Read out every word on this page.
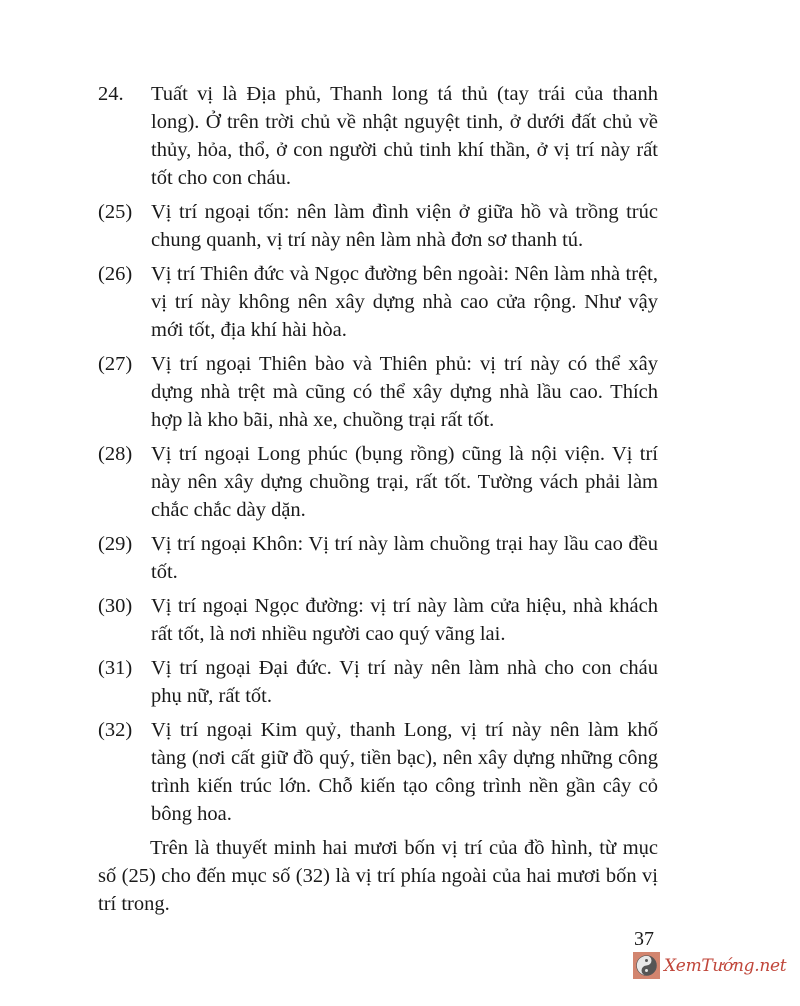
24. Tuất vị là Địa phủ, Thanh long tá thủ (tay trái của thanh long). Ở trên trời chủ về nhật nguyệt tinh, ở dưới đất chủ về thủy, hỏa, thổ, ở con người chủ tinh khí thần, ở vị trí này rất tốt cho con cháu.
(25) Vị trí ngoại tốn: nên làm đình viện ở giữa hồ và trồng trúc chung quanh, vị trí này nên làm nhà đơn sơ thanh tú.
(26) Vị trí Thiên đức và Ngọc đường bên ngoài: Nên làm nhà trệt, vị trí này không nên xây dựng nhà cao cửa rộng. Như vậy mới tốt, địa khí hài hòa.
(27) Vị trí ngoại Thiên bào và Thiên phủ: vị trí này có thể xây dựng nhà trệt mà cũng có thể xây dựng nhà lầu cao. Thích hợp là kho bãi, nhà xe, chuồng trại rất tốt.
(28) Vị trí ngoại Long phúc (bụng rồng) cũng là nội viện. Vị trí này nên xây dựng chuồng trại, rất tốt. Tường vách phải làm chắc chắc dày dặn.
(29) Vị trí ngoại Khôn: Vị trí này làm chuồng trại hay lầu cao đều tốt.
(30) Vị trí ngoại Ngọc đường: vị trí này làm cửa hiệu, nhà khách rất tốt, là nơi nhiều người cao quý vãng lai.
(31) Vị trí ngoại Đại đức. Vị trí này nên làm nhà cho con cháu phụ nữ, rất tốt.
(32) Vị trí ngoại Kim quỷ, thanh Long, vị trí này nên làm khố tàng (nơi cất giữ đồ quý, tiền bạc), nên xây dựng những công trình kiến trúc lớn. Chỗ kiến tạo công trình nền gần cây cỏ bông hoa.

Trên là thuyết minh hai mươi bốn vị trí của đồ hình, từ mục số (25) cho đến mục số (32) là vị trí phía ngoài của hai mươi bốn vị trí trong.

37
XemTướng.net
